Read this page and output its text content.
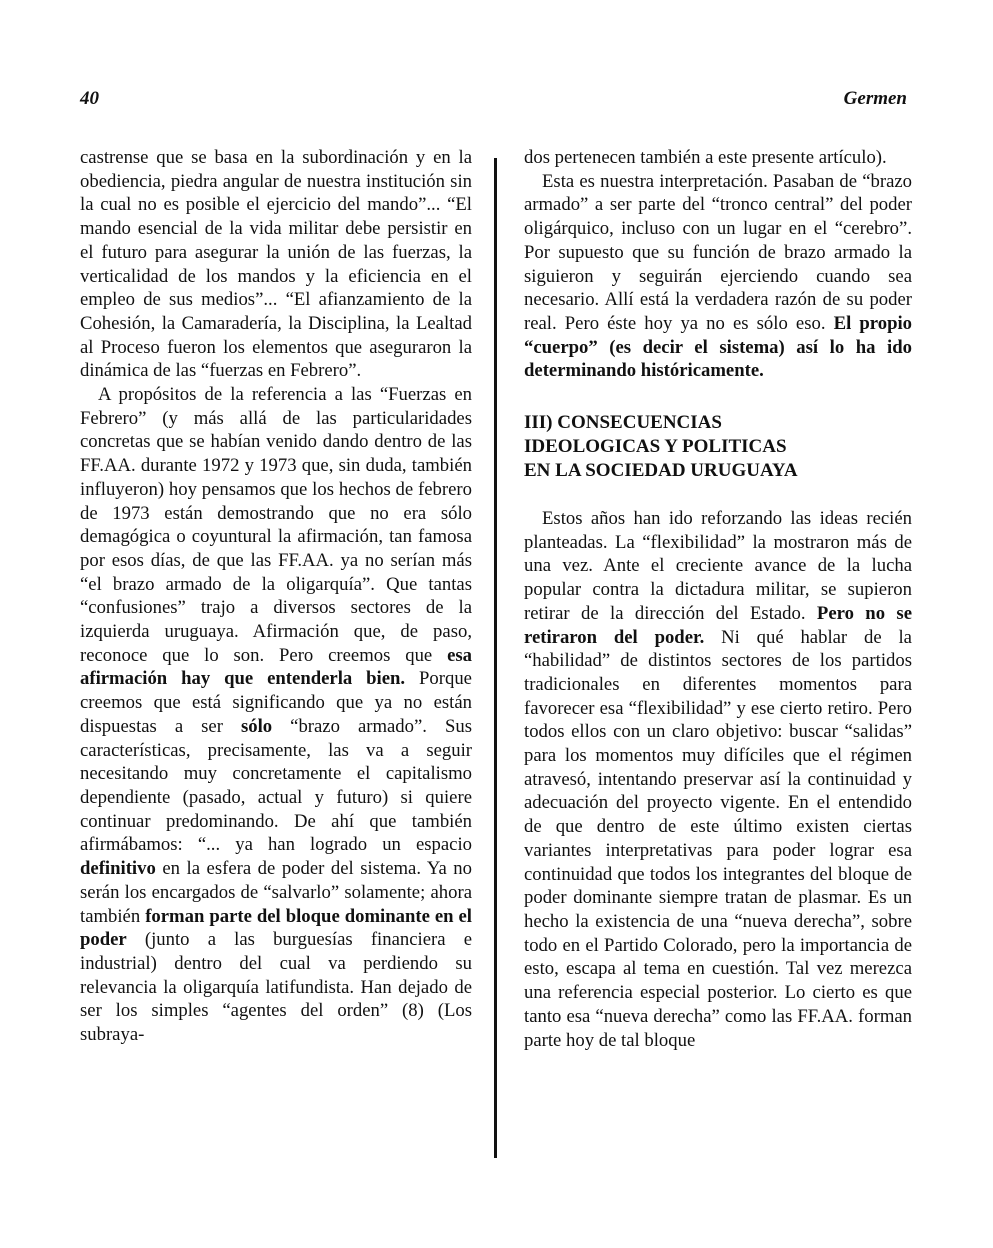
40	Germen

castrense que se basa en la subordinación y en la obediencia, piedra angular de nuestra institución sin la cual no es posible el ejercicio del mando”... “El mando esencial de la vida militar debe persistir en el futuro para asegurar la unión de las fuerzas, la verticalidad de los mandos y la eficiencia en el empleo de sus medios”... “El afianzamiento de la Cohesión, la Camaradería, la Disciplina, la Lealtad al Proceso fueron los elementos que aseguraron la dinámica de las “fuerzas en Febrero”.

A propósitos de la referencia a las “Fuerzas en Febrero” (y más allá de las particularidades concretas que se habían venido dando dentro de las FF.AA. durante 1972 y 1973 que, sin duda, también influyeron) hoy pensamos que los hechos de febrero de 1973 están demostrando que no era sólo demagógica o coyuntural la afirmación, tan famosa por esos días, de que las FF.AA. ya no serían más “el brazo armado de la oligarquía”. Que tantas “confusiones” trajo a diversos sectores de la izquierda uruguaya. Afirmación que, de paso, reconoce que lo son. Pero creemos que esa afirmación hay que entenderla bien. Porque creemos que está significando que ya no están dispuestas a ser sólo “brazo armado”. Sus características, precisamente, las va a seguir necesitando muy concretamente el capitalismo dependiente (pasado, actual y futuro) si quiere continuar predominando. De ahí que también afirmábamos: “... ya han logrado un espacio definitivo en la esfera de poder del sistema. Ya no serán los encargados de “salvarlo” solamente; ahora también forman parte del bloque dominante en el poder (junto a las burguesías financiera e industrial) dentro del cual va perdiendo su relevancia la oligarquía latifundista. Han dejado de ser los simples “agentes del orden” (8) (Los subraya-

dos pertenecen también a este presente artículo).

Esta es nuestra interpretación. Pasaban de “brazo armado” a ser parte del “tronco central” del poder oligárquico, incluso con un lugar en el “cerebro”. Por supuesto que su función de brazo armado la siguieron y seguirán ejerciendo cuando sea necesario. Allí está la verdadera razón de su poder real. Pero éste hoy ya no es sólo eso. El propio “cuerpo” (es decir el sistema) así lo ha ido determinando históricamente.

III) CONSECUENCIAS
IDEOLOGICAS Y POLITICAS
EN LA SOCIEDAD URUGUAYA

Estos años han ido reforzando las ideas recién planteadas. La “flexibilidad” la mostraron más de una vez. Ante el creciente avance de la lucha popular contra la dictadura militar, se supieron retirar de la dirección del Estado. Pero no se retiraron del poder. Ni qué hablar de la “habilidad” de distintos sectores de los partidos tradicionales en diferentes momentos para favorecer esa “flexibilidad” y ese cierto retiro. Pero todos ellos con un claro objetivo: buscar “salidas” para los momentos muy difíciles que el régimen atravesó, intentando preservar así la continuidad y adecuación del proyecto vigente. En el entendido de que dentro de este último existen ciertas variantes interpretativas para poder lograr esa continuidad que todos los integrantes del bloque de poder dominante siempre tratan de plasmar. Es un hecho la existencia de una “nueva derecha”, sobre todo en el Partido Colorado, pero la importancia de esto, escapa al tema en cuestión. Tal vez merezca una referencia especial posterior. Lo cierto es que tanto esa “nueva derecha” como las FF.AA. forman parte hoy de tal bloque
